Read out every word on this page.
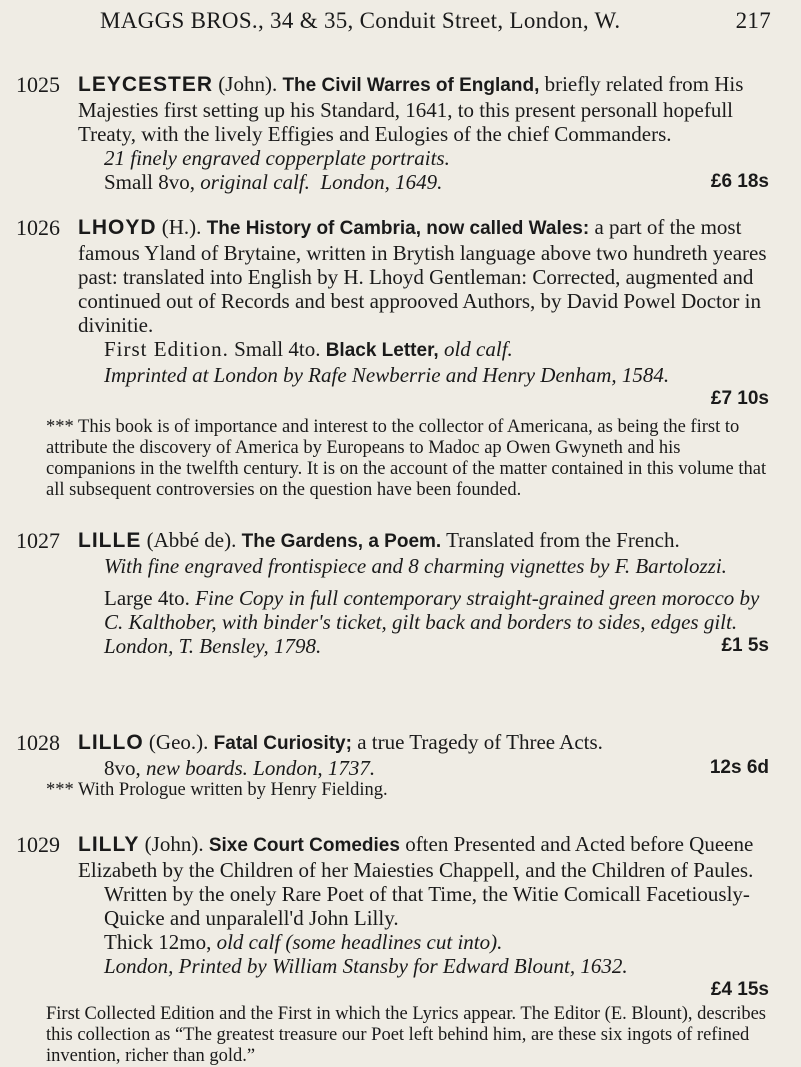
MAGGS BROS., 34 & 35, Conduit Street, London, W.	217
1025 LEYCESTER (John). The Civil Warres of England, briefly related from His Majesties first setting up his Standard, 1641, to this present personall hopefull Treaty, with the lively Effigies and Eulogies of the chief Commanders.
21 finely engraved copperplate portraits.
Small 8vo, original calf. London, 1649.	£6 18s
1026 LHOYD (H.). The History of Cambria, now called Wales: a part of the most famous Yland of Brytaine, written in Brytish language above two hundreth yeares past: translated into English by H. Lhoyd Gentleman: Corrected, augmented and continued out of Records and best approoved Authors, by David Powel Doctor in divinitie.
First Edition. Small 4to. Black Letter, old calf.
Imprinted at London by Rafe Newberrie and Henry Denham, 1584.
£7 10s
*** This book is of importance and interest to the collector of Americana, as being the first to attribute the discovery of America by Europeans to Madoc ap Owen Gwyneth and his companions in the twelfth century. It is on the account of the matter contained in this volume that all subsequent controversies on the question have been founded.
1027 LILLE (Abbé de). The Gardens, a Poem. Translated from the French.
With fine engraved frontispiece and 8 charming vignettes by F. Bartolozzi.
Large 4to. Fine Copy in full contemporary straight-grained green morocco by C. Kalthober, with binder's ticket, gilt back and borders to sides, edges gilt. London, T. Bensley, 1798.	£1 5s
1028 LILLO (Geo.). Fatal Curiosity; a true Tragedy of Three Acts.
8vo, new boards. London, 1737.	12s 6d
*** With Prologue written by Henry Fielding.
1029 LILLY (John). Sixe Court Comedies often Presented and Acted before Queene Elizabeth by the Children of her Maiesties Chappell, and the Children of Paules.
Written by the onely Rare Poet of that Time, the Witie Comicall Facetiously-Quicke and unparalell'd John Lilly.
Thick 12mo, old calf (some headlines cut into).
London, Printed by William Stansby for Edward Blount, 1632.
£4 15s
First Collected Edition and the First in which the Lyrics appear. The Editor (E. Blount), describes this collection as “The greatest treasure our Poet left behind him, are these six ingots of refined invention, richer than gold.”
